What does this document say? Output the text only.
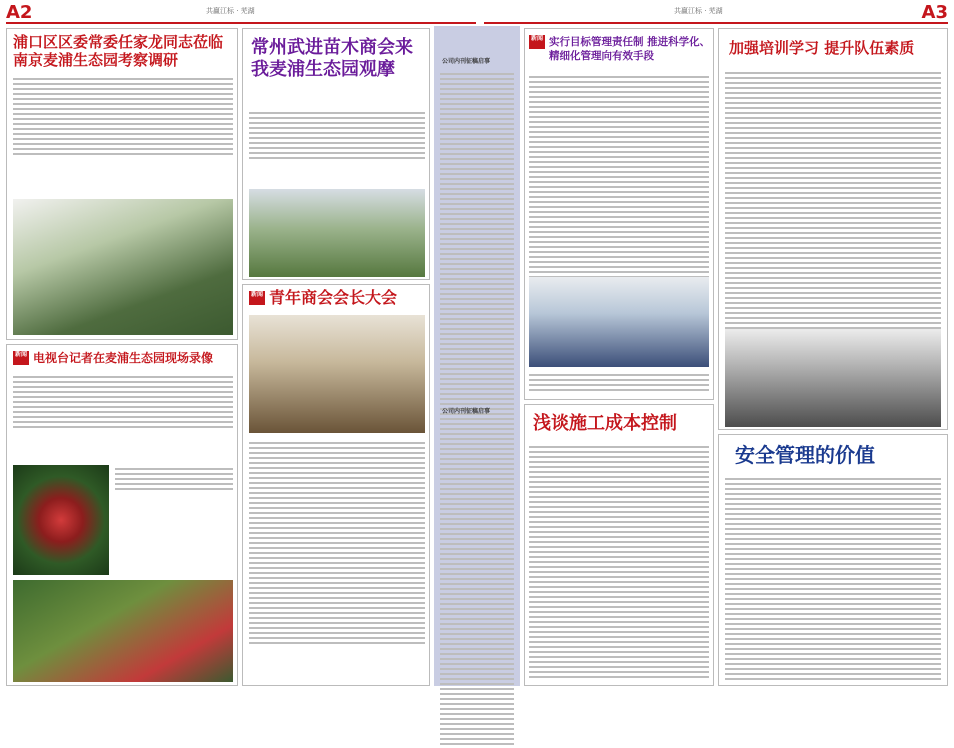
A2	共赢江标 · 芜湖	共赢江标 · 芜湖	A3
浦口区区委常委任家龙同志莅临南京麦浦生态园考察调研
常州武进苗木商会来我麦浦生态园观摩
新闻 电视台记者在麦浦生态园现场录像
新闻 青年商会会长大会
公司内刊征稿启事
公司内刊征稿启事
新闻 实行目标管理责任制 推进科学化、精细化管理向有效手段	加强培训学习 提升队伍素质
浅谈施工成本控制
安全管理的价值
